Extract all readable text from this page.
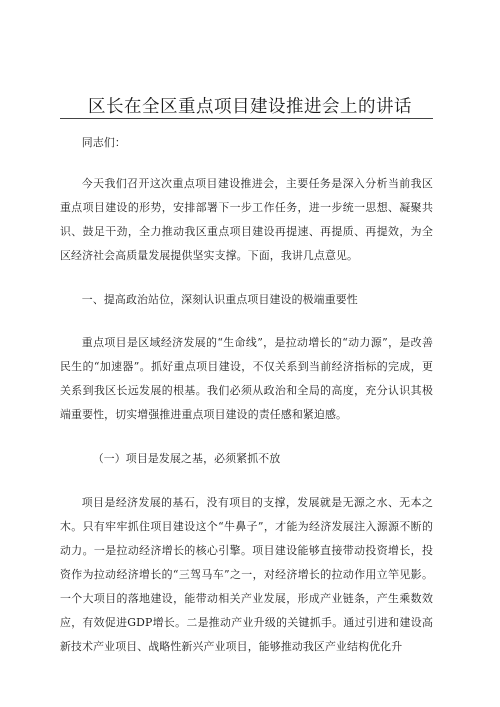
区长在全区重点项目建设推进会上的讲话

同志们：

今天我们召开这次重点项目建设推进会，主要任务是深入分析当前我区重点项目建设的形势，安排部署下一步工作任务，进一步统一思想、凝聚共识、鼓足干劲，全力推动我区重点项目建设再提速、再提质、再提效，为全区经济社会高质量发展提供坚实支撑。下面，我讲几点意见。

一、提高政治站位，深刻认识重点项目建设的极端重要性

重点项目是区域经济发展的“生命线”，是拉动增长的“动力源”，是改善民生的“加速器”。抓好重点项目建设，不仅关系到当前经济指标的完成，更关系到我区长远发展的根基。我们必须从政治和全局的高度，充分认识其极端重要性，切实增强推进重点项目建设的责任感和紧迫感。

（一）项目是发展之基，必须紧抓不放

项目是经济发展的基石，没有项目的支撑，发展就是无源之水、无本之木。只有牢牢抓住项目建设这个“牛鼻子”，才能为经济发展注入源源不断的动力。一是拉动经济增长的核心引擎。项目建设能够直接带动投资增长，投资作为拉动经济增长的“三驾马车”之一，对经济增长的拉动作用立竿见影。一个大项目的落地建设，能带动相关产业发展，形成产业链条，产生乘数效应，有效促进GDP增长。二是推动产业升级的关键抓手。通过引进和建设高新技术产业项目、战略性新兴产业项目，能够推动我区产业结构优化升
